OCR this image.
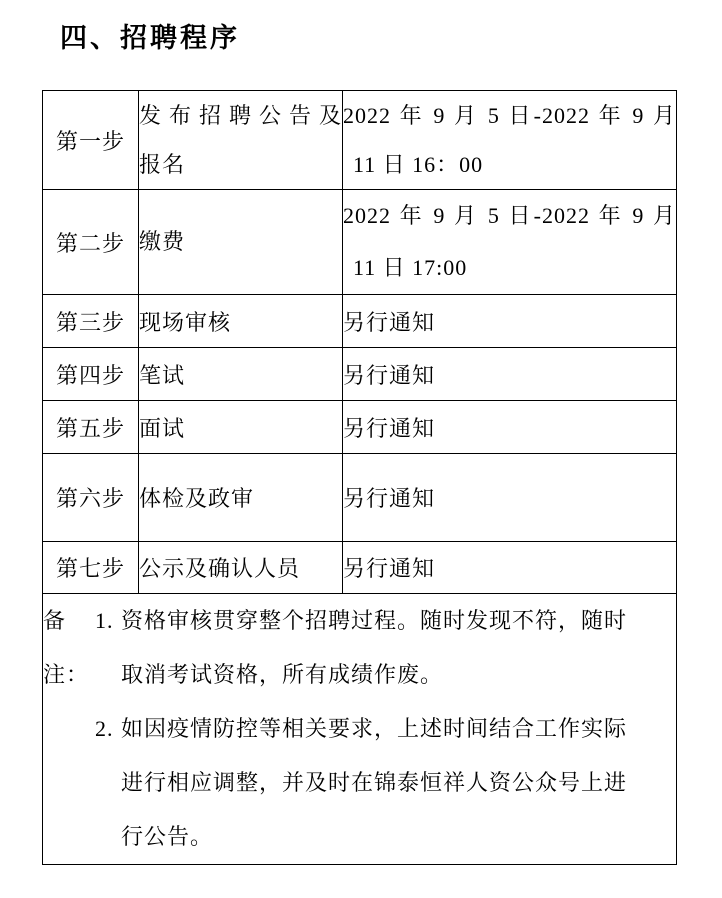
四、招聘程序
第一步	发布招聘公告及
报名	2022 年 9 月 5 日-2022 年 9 月
11 日 16：00

第二步	缴费	2022 年 9 月 5 日-2022 年 9 月
11 日 17:00

第三步	现场审核	另行通知
第四步	笔试	另行通知
第五步	面试	另行通知
第六步	体检及政审	另行通知
第七步	公示及确认人员	另行通知

备注：
1. 资格审核贯穿整个招聘过程。随时发现不符，随时
取消考试资格，所有成绩作废。
2. 如因疫情防控等相关要求，上述时间结合工作实际
进行相应调整，并及时在锦泰恒祥人资公众号上进
行公告。
